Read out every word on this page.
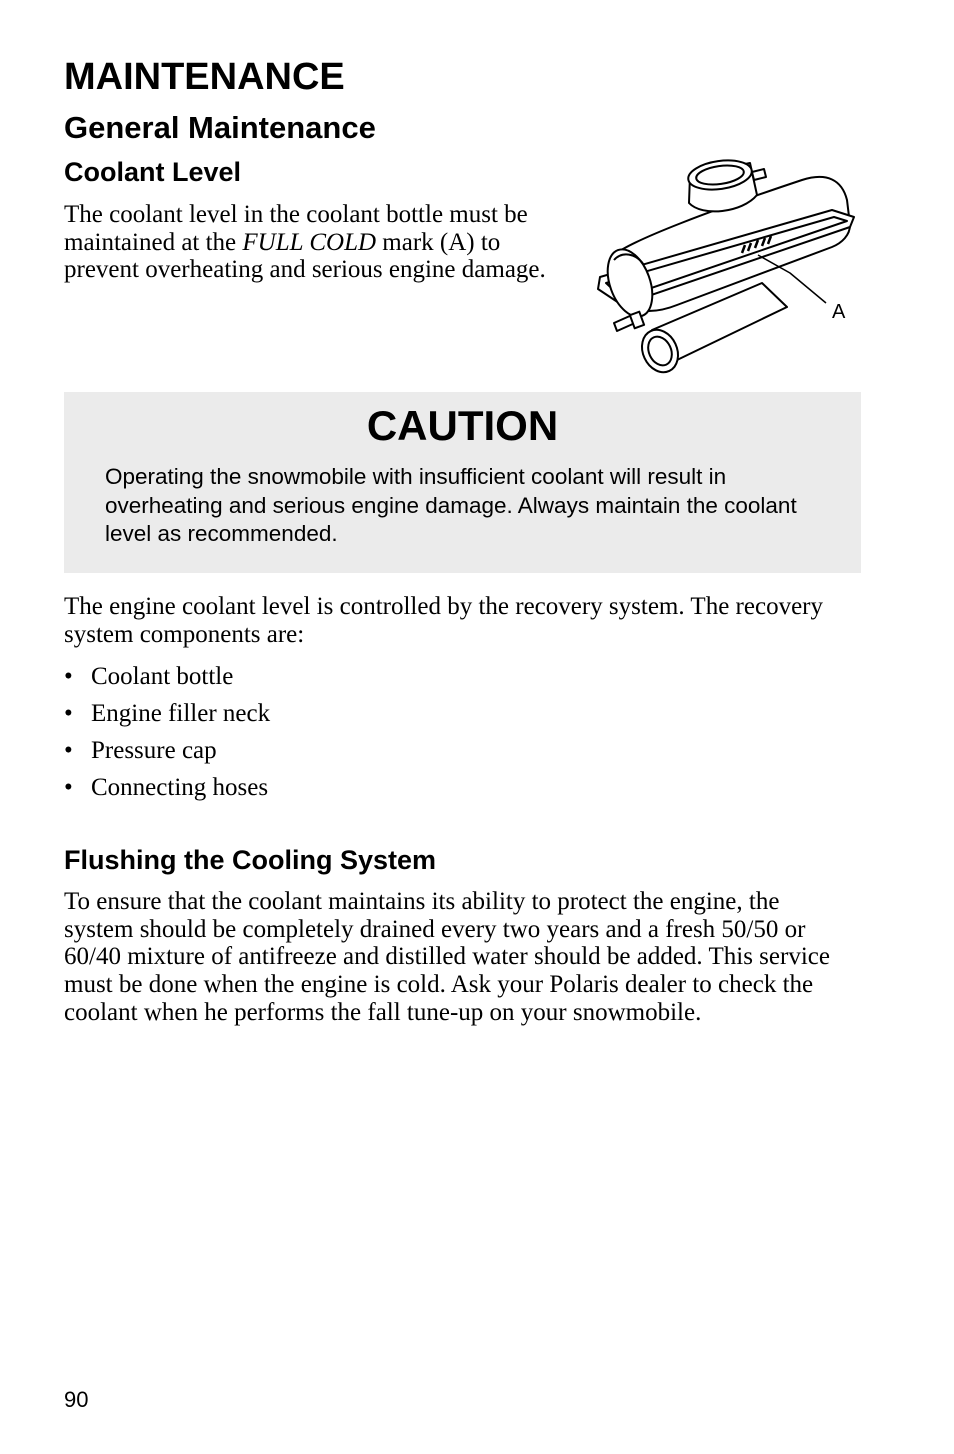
MAINTENANCE
General Maintenance
Coolant Level

The coolant level in the coolant bottle must be maintained at the FULL COLD mark (A) to prevent overheating and serious engine damage.

A
CAUTION

Operating the snowmobile with insufficient coolant will result in overheating and serious engine damage. Always maintain the coolant level as recommended.

The engine coolant level is controlled by the recovery system. The recovery system components are:

• Coolant bottle
• Engine filler neck
• Pressure cap
• Connecting hoses
Flushing the Cooling System

To ensure that the coolant maintains its ability to protect the engine, the system should be completely drained every two years and a fresh 50/50 or 60/40 mixture of antifreeze and distilled water should be added. This service must be done when the engine is cold. Ask your Polaris dealer to check the coolant when he performs the fall tune-up on your snowmobile.

90
